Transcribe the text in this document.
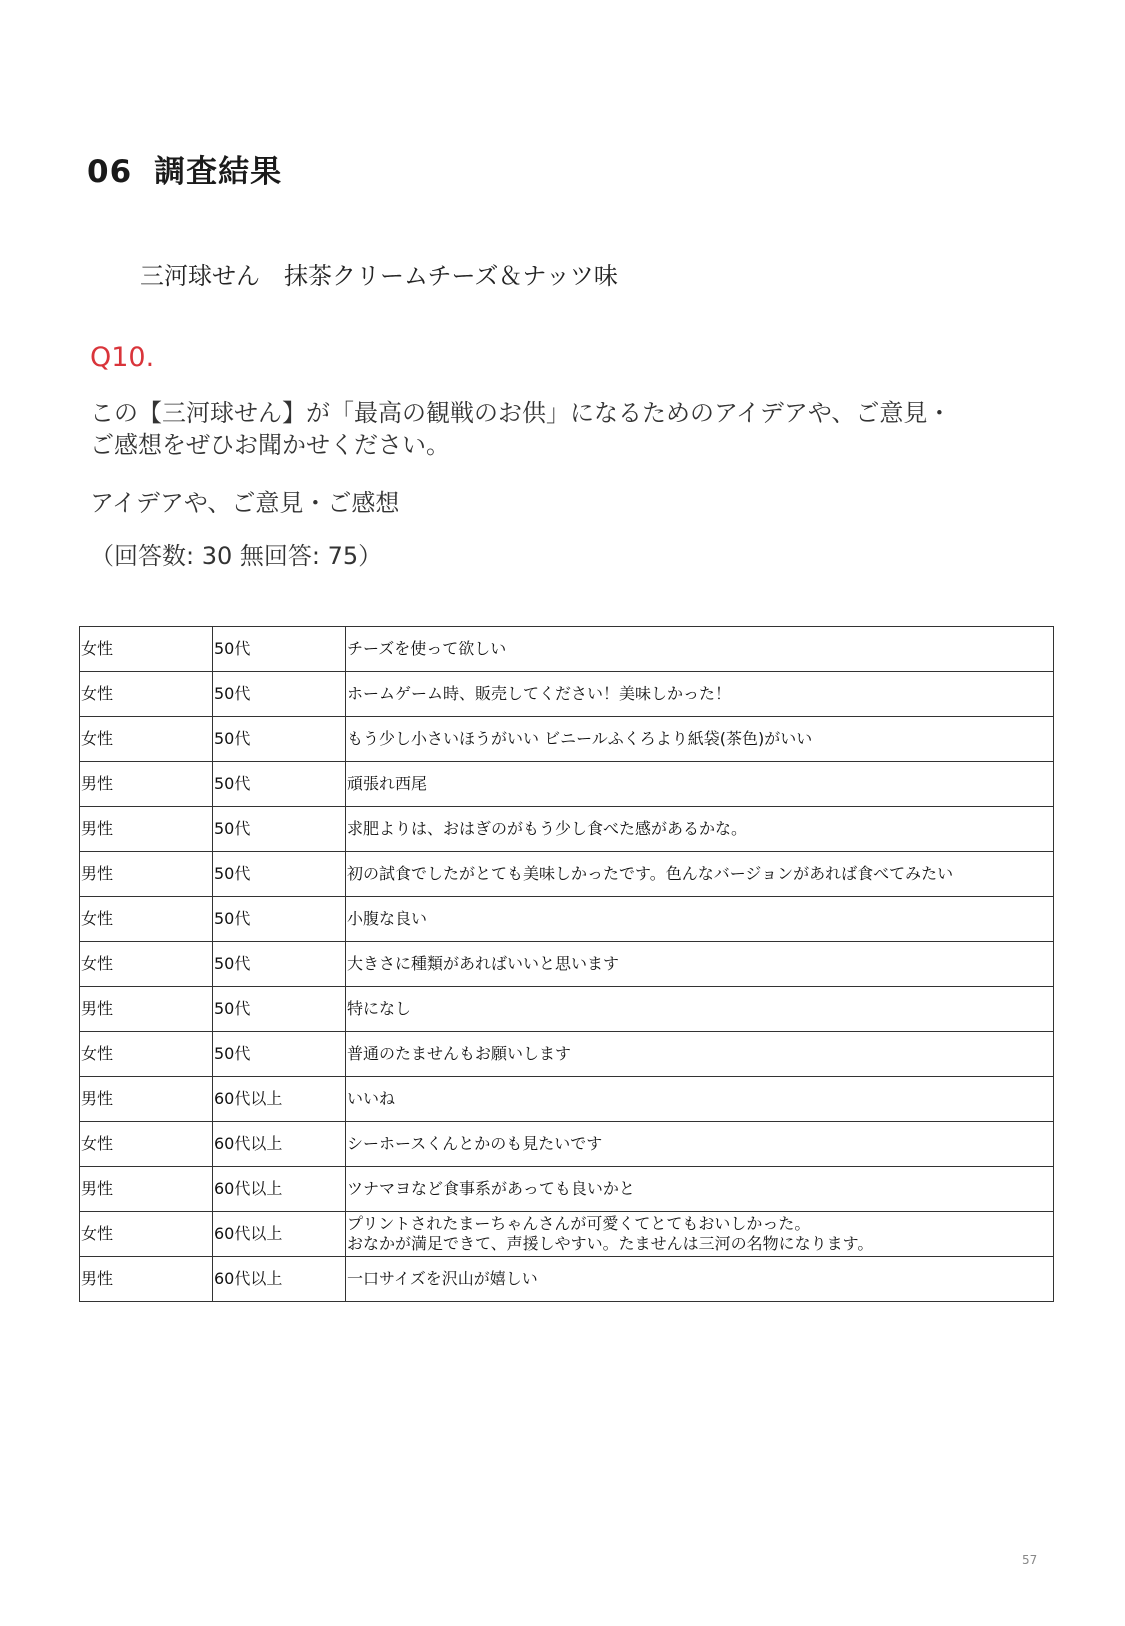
06 調査結果
三河球せん　抹茶クリームチーズ＆ナッツ味
Q10.
この【三河球せん】が「最高の観戦のお供」になるためのアイデアや、ご意見・ご感想をぜひお聞かせください。
アイデアや、ご意見・ご感想
（回答数: 30 無回答: 75）
女性	50代	チーズを使って欲しい
女性	50代	ホームゲーム時、販売してください！美味しかった！
女性	50代	もう少し小さいほうがいい ビニールふくろより紙袋(茶色)がいい
男性	50代	頑張れ西尾
男性	50代	求肥よりは、おはぎのがもう少し食べた感があるかな。
男性	50代	初の試食でしたがとても美味しかったです。色んなバージョンがあれば食べてみたい
女性	50代	小腹な良い
女性	50代	大きさに種類があればいいと思います
男性	50代	特になし
女性	50代	普通のたませんもお願いします
男性	60代以上	いいね
女性	60代以上	シーホースくんとかのも見たいです
男性	60代以上	ツナマヨなど食事系があっても良いかと
女性	60代以上	プリントされたまーちゃんさんが可愛くてとてもおいしかった。
おなかが満足できて、声援しやすい。たませんは三河の名物になります。
男性	60代以上	一口サイズを沢山が嬉しい
57
